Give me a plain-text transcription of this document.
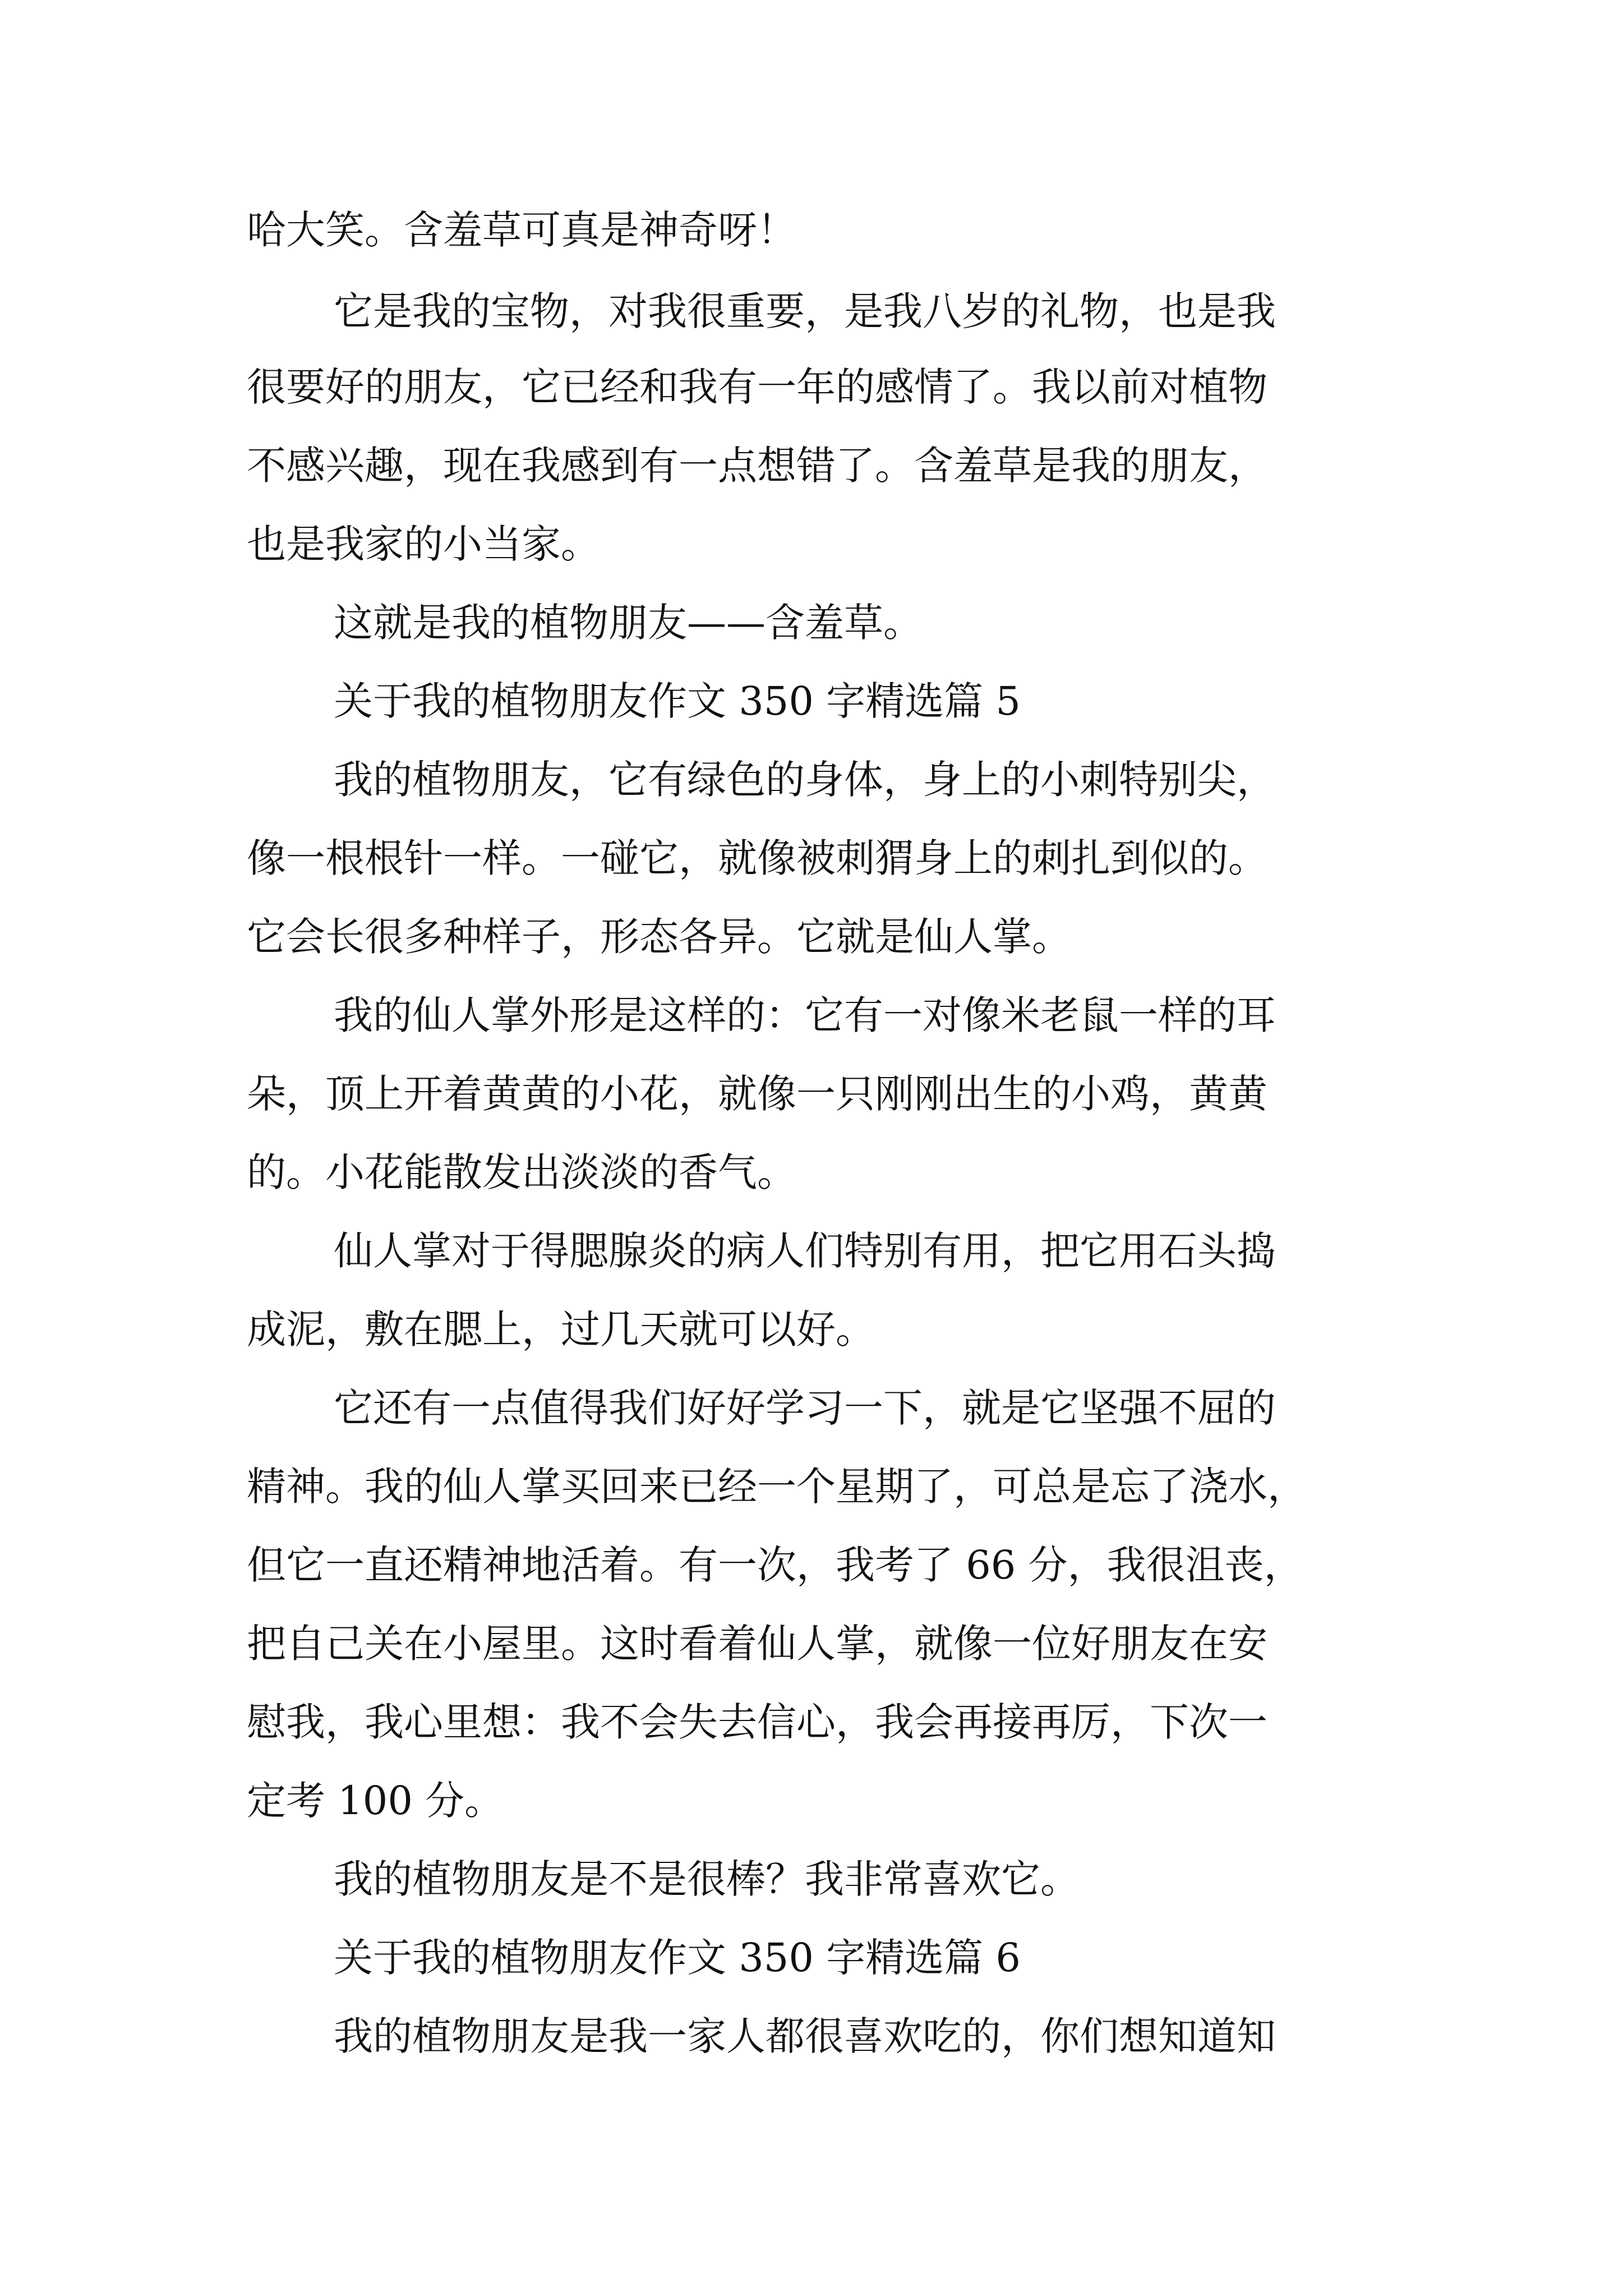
哈大笑。含羞草可真是神奇呀！
它是我的宝物，对我很重要，是我八岁的礼物，也是我
很要好的朋友，它已经和我有一年的感情了。我以前对植物
不感兴趣，现在我感到有一点想错了。含羞草是我的朋友，
也是我家的小当家。
这就是我的植物朋友——含羞草。
关于我的植物朋友作文 350 字精选篇 5
我的植物朋友，它有绿色的身体，身上的小刺特别尖，
像一根根针一样。一碰它，就像被刺猬身上的刺扎到似的。
它会长很多种样子，形态各异。它就是仙人掌。
我的仙人掌外形是这样的：它有一对像米老鼠一样的耳
朵，顶上开着黄黄的小花，就像一只刚刚出生的小鸡，黄黄
的。小花能散发出淡淡的香气。
仙人掌对于得腮腺炎的病人们特别有用，把它用石头捣
成泥，敷在腮上，过几天就可以好。
它还有一点值得我们好好学习一下，就是它坚强不屈的
精神。我的仙人掌买回来已经一个星期了，可总是忘了浇水，
但它一直还精神地活着。有一次，我考了 66 分，我很沮丧，
把自己关在小屋里。这时看着仙人掌，就像一位好朋友在安
慰我，我心里想：我不会失去信心，我会再接再厉，下次一
定考 100 分。
我的植物朋友是不是很棒？我非常喜欢它。
关于我的植物朋友作文 350 字精选篇 6
我的植物朋友是我一家人都很喜欢吃的，你们想知道知
